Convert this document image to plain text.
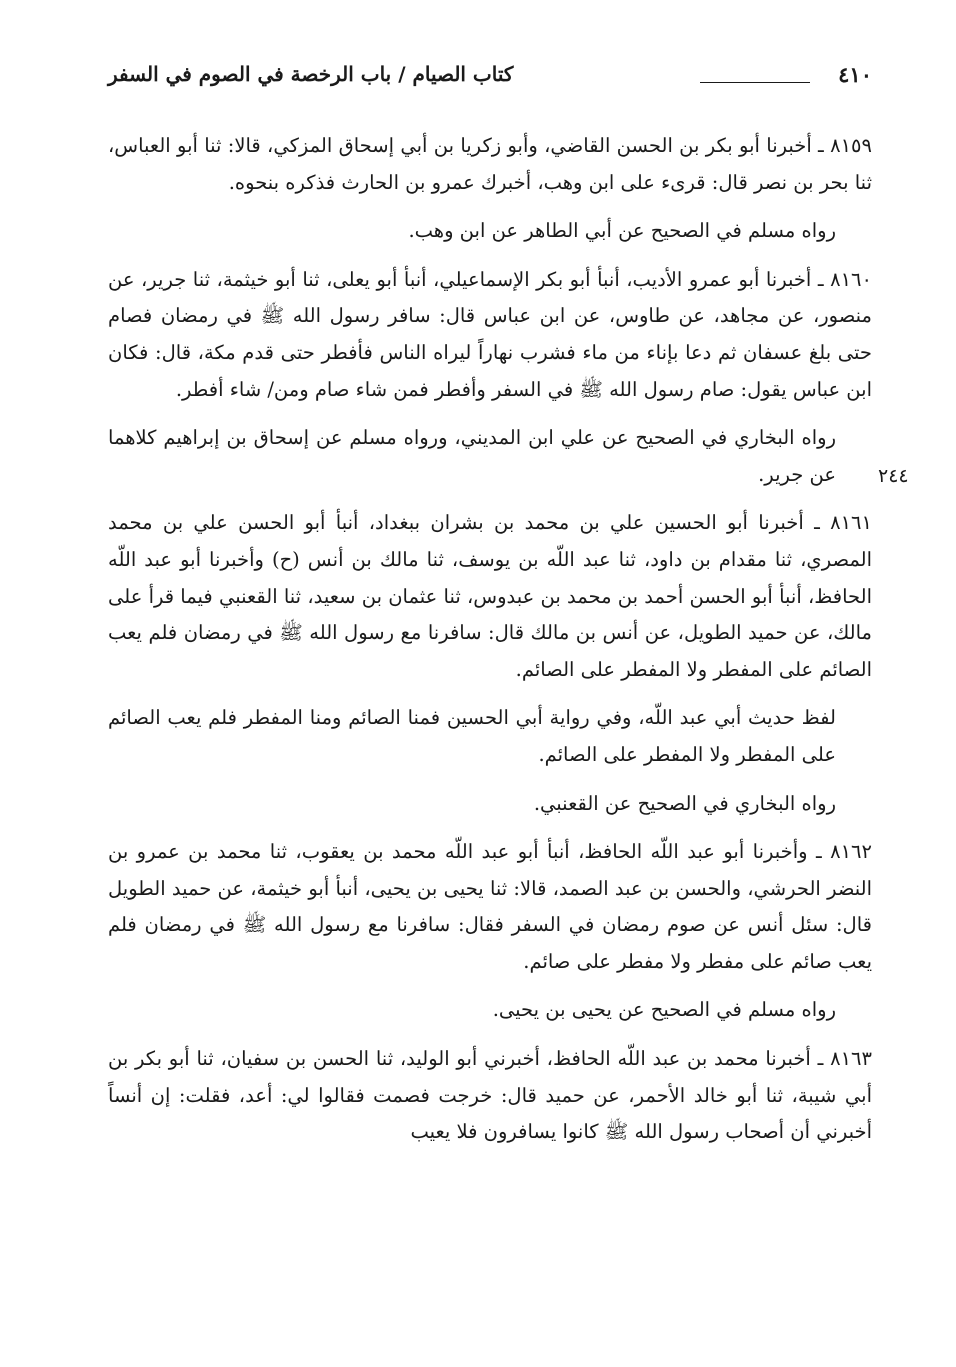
٤١٠
كتاب الصيام / باب الرخصة في الصوم في السفر
٢٤٤

٨١٥٩ ـ أخبرنا أبو بكر بن الحسن القاضي، وأبو زكريا بن أبي إسحاق المزكي، قالا: ثنا أبو العباس، ثنا بحر بن نصر قال: قرىء على ابن وهب، أخبرك عمرو بن الحارث فذكره بنحوه.

رواه مسلم في الصحيح عن أبي الطاهر عن ابن وهب.

٨١٦٠ ـ أخبرنا أبو عمرو الأديب، أنبأ أبو بكر الإسماعيلي، أنبأ أبو يعلى، ثنا أبو خيثمة، ثنا جرير، عن منصور، عن مجاهد، عن طاوس، عن ابن عباس قال: سافر رسول الله ﷺ في رمضان فصام حتى بلغ عسفان ثم دعا بإناء من ماء فشرب نهاراً ليراه الناس فأفطر حتى قدم مكة، قال: فكان ابن عباس يقول: صام رسول الله ﷺ في السفر وأفطر فمن شاء صام ومن/ شاء أفطر.

رواه البخاري في الصحيح عن علي ابن المديني، ورواه مسلم عن إسحاق بن إبراهيم كلاهما عن جرير.

٨١٦١ ـ أخبرنا أبو الحسين علي بن محمد بن بشران ببغداد، أنبأ أبو الحسن علي بن محمد المصري، ثنا مقدام بن داود، ثنا عبد اللّه بن يوسف، ثنا مالك بن أنس (ح) وأخبرنا أبو عبد اللّه الحافظ، أنبأ أبو الحسن أحمد بن محمد بن عبدوس، ثنا عثمان بن سعيد، ثنا القعنبي فيما قرأ على مالك، عن حميد الطويل، عن أنس بن مالك قال: سافرنا مع رسول الله ﷺ في رمضان فلم يعب الصائم على المفطر ولا المفطر على الصائم.

لفظ حديث أبي عبد اللّه، وفي رواية أبي الحسين فمنا الصائم ومنا المفطر فلم يعب الصائم على المفطر ولا المفطر على الصائم.

رواه البخاري في الصحيح عن القعنبي.

٨١٦٢ ـ وأخبرنا أبو عبد اللّه الحافظ، أنبأ أبو عبد اللّه محمد بن يعقوب، ثنا محمد بن عمرو بن النضر الحرشي، والحسن بن عبد الصمد، قالا: ثنا يحيى بن يحيى، أنبأ أبو خيثمة، عن حميد الطويل قال: سئل أنس عن صوم رمضان في السفر فقال: سافرنا مع رسول الله ﷺ في رمضان فلم يعب صائم على مفطر ولا مفطر على صائم.

رواه مسلم في الصحيح عن يحيى بن يحيى.

٨١٦٣ ـ أخبرنا محمد بن عبد اللّه الحافظ، أخبرني أبو الوليد، ثنا الحسن بن سفيان، ثنا أبو بكر بن أبي شيبة، ثنا أبو خالد الأحمر، عن حميد قال: خرجت فصمت فقالوا لي: أعد، فقلت: إن أنساً أخبرني أن أصحاب رسول الله ﷺ كانوا يسافرون فلا يعيب
